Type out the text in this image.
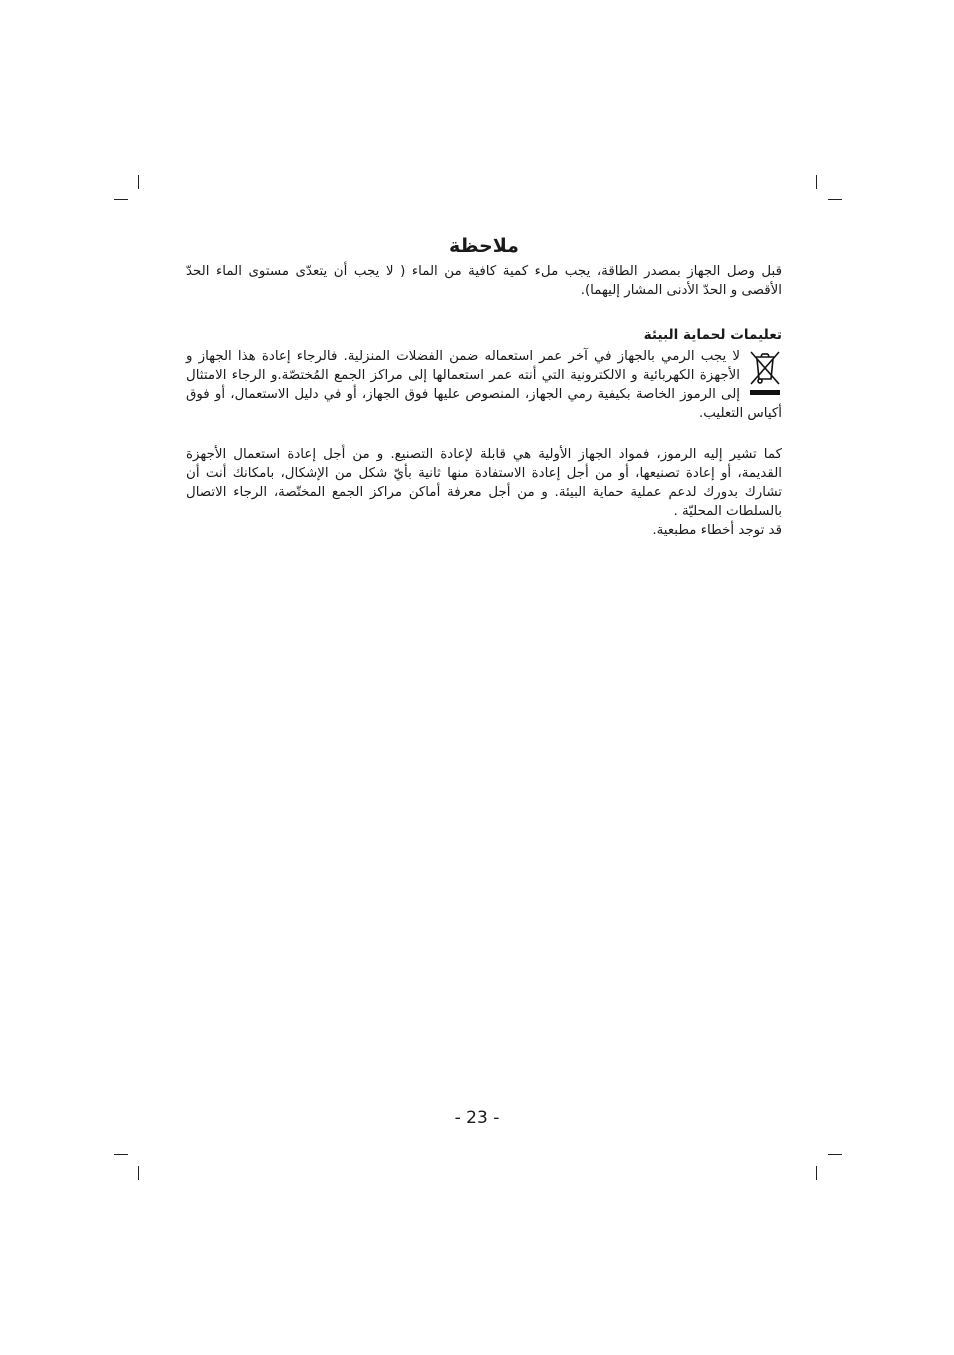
ملاحظة

قبل وصل الجهاز بمصدر الطاقة، يجب ملء كمية كافية من الماء ( لا يجب أن يتعدّى مستوى الماء الحدّ الأقصى و الحدّ الأدنى المشار إليهما).

تعليمات لحماية البيئة

لا يجب الرمي بالجهاز في آخر عمر استعماله ضمن الفضلات المنزلية. فالرجاء إعادة هذا الجهاز و الأجهزة الكهربائية و الالكترونية التي أنته عمر استعمالها إلى مراكز الجمع المُختصّة.و الرجاء الامتثال إلى الرموز الخاصة بكيفية رمي الجهاز، المنصوص عليها فوق الجهاز، أو في دليل الاستعمال، أو فوق أكياس التعليب.

كما تشير إليه الرموز، فمواد الجهاز الأولية هي قابلة لإعادة التصنيع. و من أجل إعادة استعمال الأجهزة القديمة، أو إعادة تصنيعها، أو من أجل إعادة الاستفادة منها ثانية بأيّ شكل من الإشكال، بامكانك أنت أن تشارك بدورك لدعم عملية حماية البيئة. و من أجل معرفة أماكن مراكز الجمع المختّصة، الرجاء الاتصال بالسلطات المحليّة .

قد توجد أخطاء مطبعية.

- 23 -
